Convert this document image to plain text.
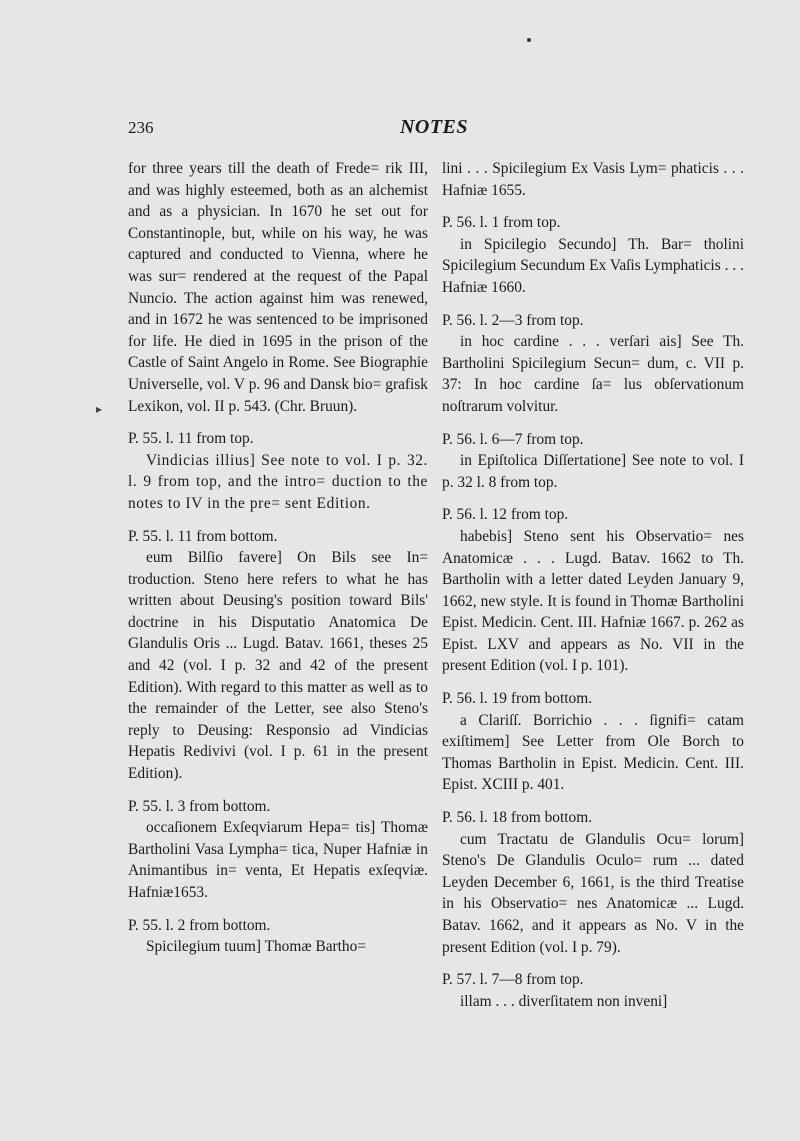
▸
236	NOTES

for three years till the death of Frede= rik III, and was highly esteemed, both as an alchemist and as a physician. In 1670 he set out for Constantinople, but, while on his way, he was captured and conducted to Vienna, where he was sur= rendered at the request of the Papal Nuncio. The action against him was renewed, and in 1672 he was sentenced to be imprisoned for life. He died in 1695 in the prison of the Castle of Saint Angelo in Rome. See Biographie Universelle, vol. V p. 96 and Dansk bio= grafisk Lexikon, vol. II p. 543. (Chr. Bruun).

P. 55. l. 11 from top.

Vindicias illius] See note to vol. I p. 32. l. 9 from top, and the intro= duction to the notes to IV in the pre= sent Edition.

P. 55. l. 11 from bottom.

eum Bilſio favere] On Bils see In= troduction. Steno here refers to what he has written about Deusing's position toward Bils' doctrine in his Disputatio Anatomica De Glandulis Oris ... Lugd. Batav. 1661, theses 25 and 42 (vol. I p. 32 and 42 of the present Edition). With regard to this matter as well as to the remainder of the Letter, see also Steno's reply to Deusing: Responsio ad Vindicias Hepatis Redivivi (vol. I p. 61 in the present Edition).

P. 55. l. 3 from bottom.

occaſionem Exſeqviarum Hepa= tis] Thomæ Bartholini Vasa Lympha= tica, Nuper Hafniæ in Animantibus in= venta, Et Hepatis exſeqviæ. Hafniæ1653.

P. 55. l. 2 from bottom.

Spicilegium tuum] Thomæ Bartho=

lini . . . Spicilegium Ex Vasis Lym= phaticis . . . Hafniæ 1655.

P. 56. l. 1 from top.

in Spicilegio Secundo] Th. Bar= tholini Spicilegium Secundum Ex Vaſis Lymphaticis . . . Hafniæ 1660.

P. 56. l. 2—3 from top.

in hoc cardine . . . verſari ais] See Th. Bartholini Spicilegium Secun= dum, c. VII p. 37: In hoc cardine ſa= lus obſervationum noſtrarum volvitur.

P. 56. l. 6—7 from top.

in Epiſtolica Diſſertatione] See note to vol. I p. 32 l. 8 from top.

P. 56. l. 12 from top.

habebis] Steno sent his Observatio= nes Anatomicæ . . . Lugd. Batav. 1662 to Th. Bartholin with a letter dated Leyden January 9, 1662, new style. It is found in Thomæ Bartholini Epist. Medicin. Cent. III. Hafniæ 1667. p. 262 as Epist. LXV and appears as No. VII in the present Edition (vol. I p. 101).

P. 56. l. 19 from bottom.

a Clariſſ. Borrichio . . . ſignifi= catam exiſtimem] See Letter from Ole Borch to Thomas Bartholin in Epist. Medicin. Cent. III. Epist. XCIII p. 401.

P. 56. l. 18 from bottom.

cum Tractatu de Glandulis Ocu= lorum] Steno's De Glandulis Oculo= rum ... dated Leyden December 6, 1661, is the third Treatise in his Observatio= nes Anatomicæ ... Lugd. Batav. 1662, and it appears as No. V in the present Edition (vol. I p. 79).

P. 57. l. 7—8 from top.

illam . . . diverſitatem non inveni]
